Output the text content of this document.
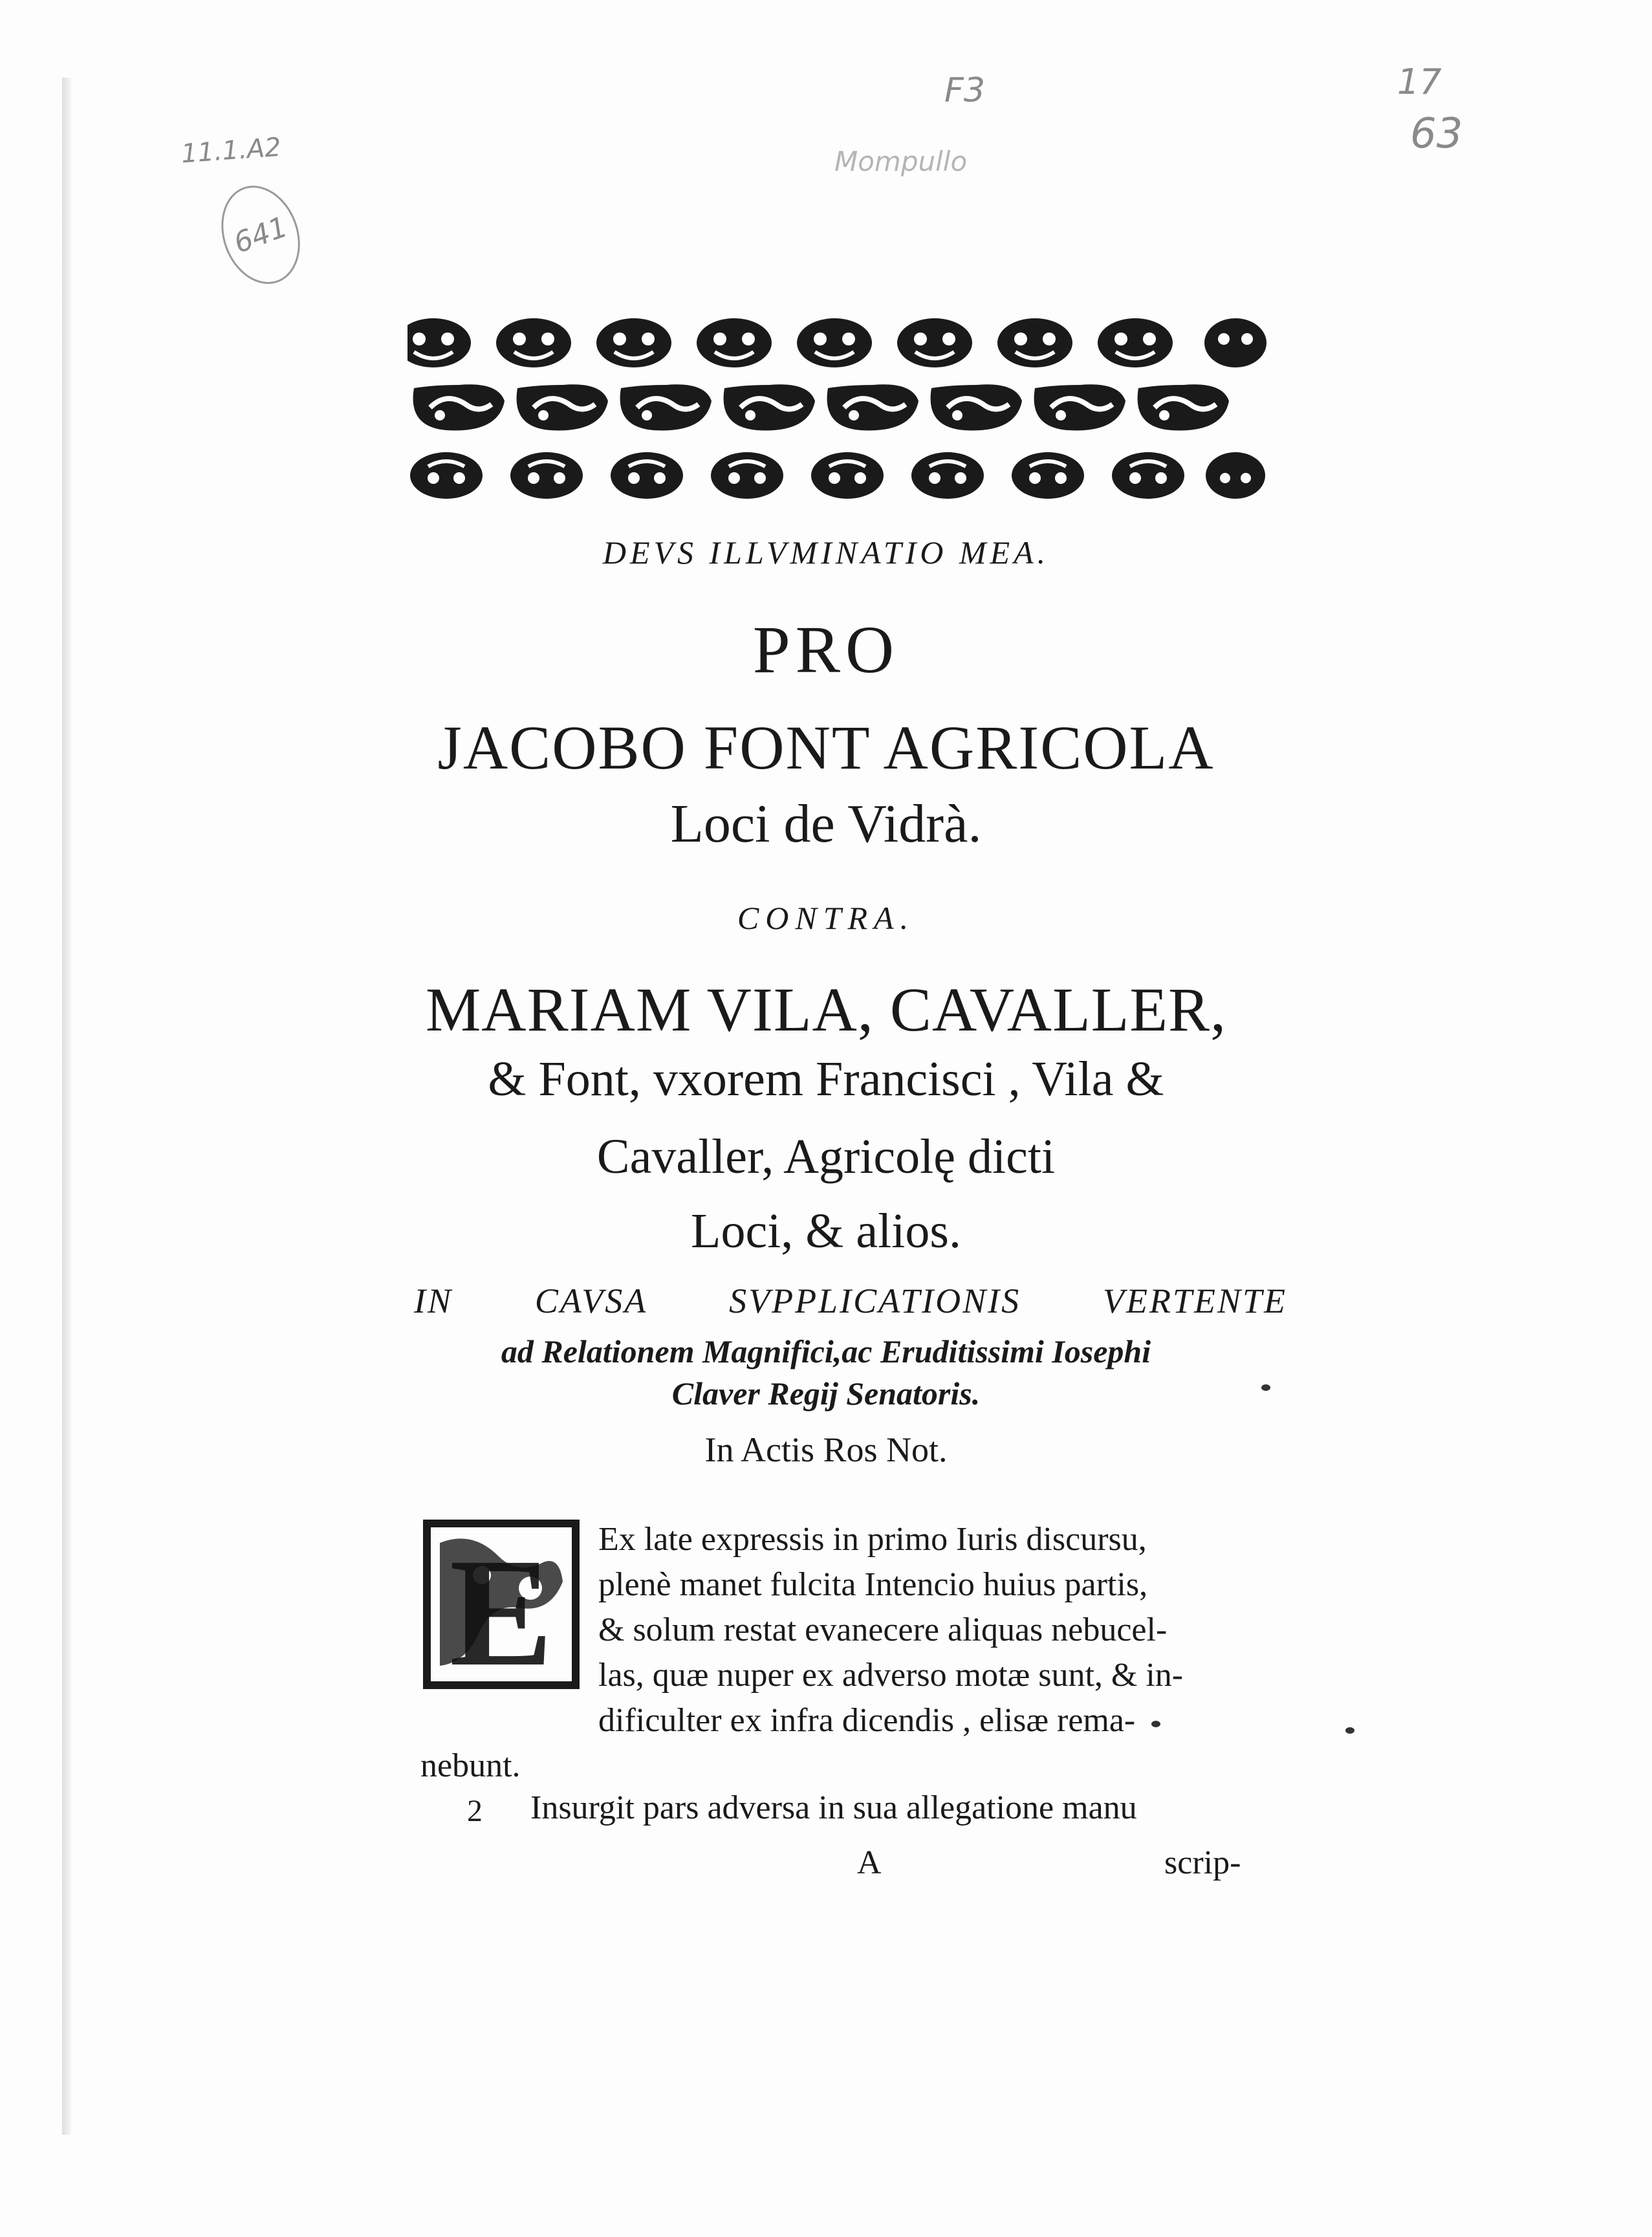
11.1.A2
641
F3
Mompullo
17
63
DEVS ILLVMINATIO MEA.
PRO
JACOBO FONT AGRICOLA
Loci de Vidrà.
CONTRA.
MARIAM VILA, CAVALLER,
& Font, vxorem Francisci , Vila &
Cavaller, Agricolę dicti
Loci, & alios.
IN CAVSA SVPPLICATIONIS VERTENTE
ad Relationem Magnifici,ac Eruditissimi Iosephi
Claver Regij Senatoris.
In Actis Ros Not.
E Ex late expressis in primo Iuris discursu,
plenè manet fulcita Intencio huius partis,
& solum restat evanecere aliquas nebucel-
las, quæ nuper ex adverso motæ sunt, & in-
dificulter ex infra dicendis , elisæ rema-
nebunt.
2 Insurgit pars adversa in sua allegatione manu
A	scrip-
